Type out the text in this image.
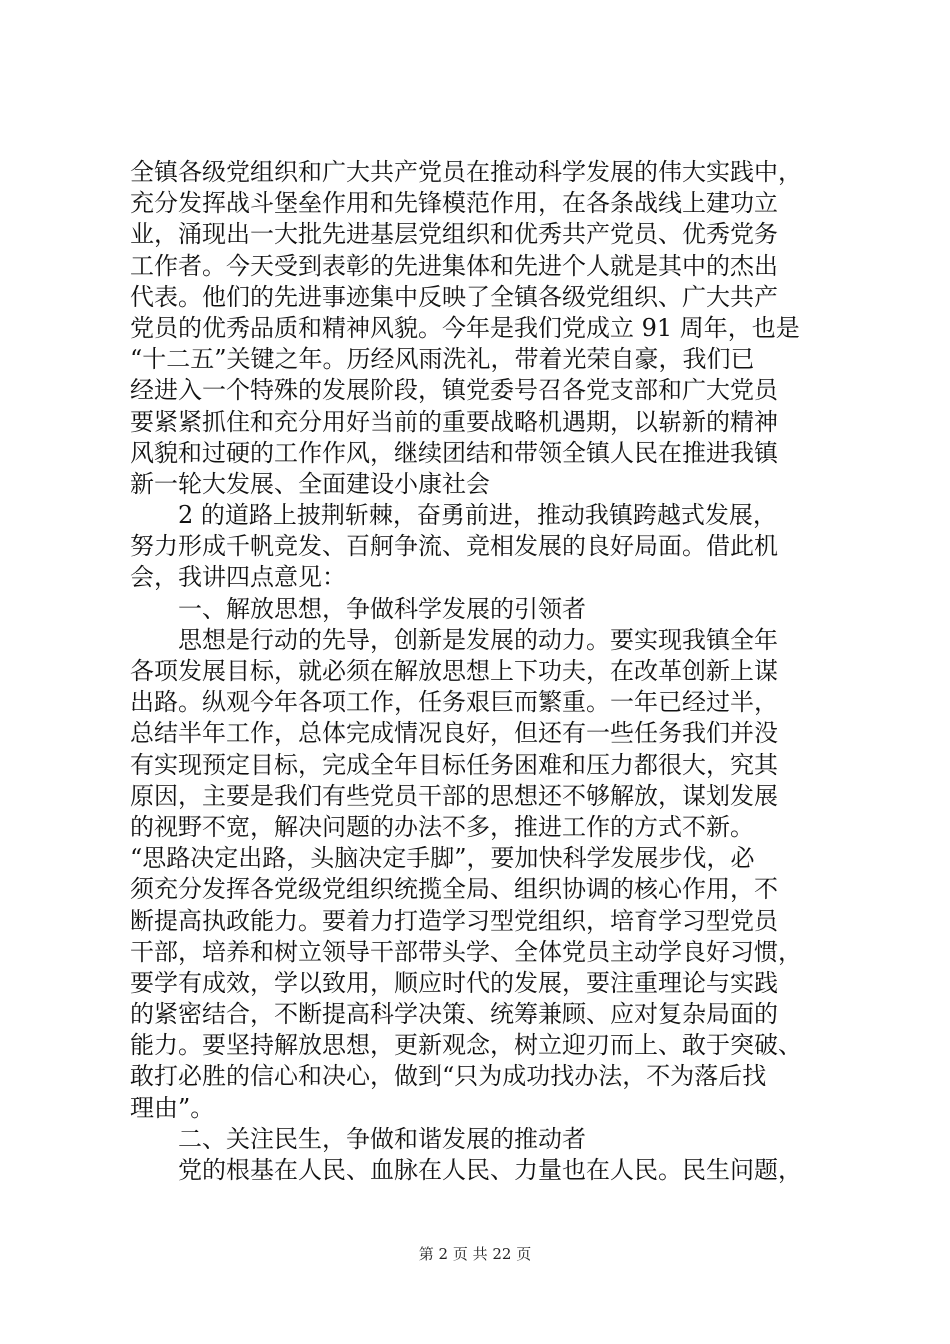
全镇各级党组织和广大共产党员在推动科学发展的伟大实践中，
充分发挥战斗堡垒作用和先锋模范作用，在各条战线上建功立
业，涌现出一大批先进基层党组织和优秀共产党员、优秀党务
工作者。今天受到表彰的先进集体和先进个人就是其中的杰出
代表。他们的先进事迹集中反映了全镇各级党组织、广大共产
党员的优秀品质和精神风貌。今年是我们党成立 91 周年，也是
“十二五”关键之年。历经风雨洗礼，带着光荣自豪，我们已
经进入一个特殊的发展阶段，镇党委号召各党支部和广大党员
要紧紧抓住和充分用好当前的重要战略机遇期，以崭新的精神
风貌和过硬的工作作风，继续团结和带领全镇人民在推进我镇
新一轮大发展、全面建设小康社会
2 的道路上披荆斩棘，奋勇前进，推动我镇跨越式发展，
努力形成千帆竞发、百舸争流、竞相发展的良好局面。借此机
会，我讲四点意见：
一、解放思想，争做科学发展的引领者
思想是行动的先导，创新是发展的动力。要实现我镇全年
各项发展目标，就必须在解放思想上下功夫，在改革创新上谋
出路。纵观今年各项工作，任务艰巨而繁重。一年已经过半，
总结半年工作，总体完成情况良好，但还有一些任务我们并没
有实现预定目标，完成全年目标任务困难和压力都很大，究其
原因，主要是我们有些党员干部的思想还不够解放，谋划发展
的视野不宽，解决问题的办法不多，推进工作的方式不新。
“思路决定出路，头脑决定手脚”，要加快科学发展步伐，必
须充分发挥各党级党组织统揽全局、组织协调的核心作用，不
断提高执政能力。要着力打造学习型党组织，培育学习型党员
干部，培养和树立领导干部带头学、全体党员主动学良好习惯，
要学有成效，学以致用，顺应时代的发展，要注重理论与实践
的紧密结合，不断提高科学决策、统筹兼顾、应对复杂局面的
能力。要坚持解放思想，更新观念，树立迎刃而上、敢于突破、
敢打必胜的信心和决心，做到“只为成功找办法，不为落后找
理由”。
二、关注民生，争做和谐发展的推动者
党的根基在人民、血脉在人民、力量也在人民。民生问题，
第 2 页 共 22 页
